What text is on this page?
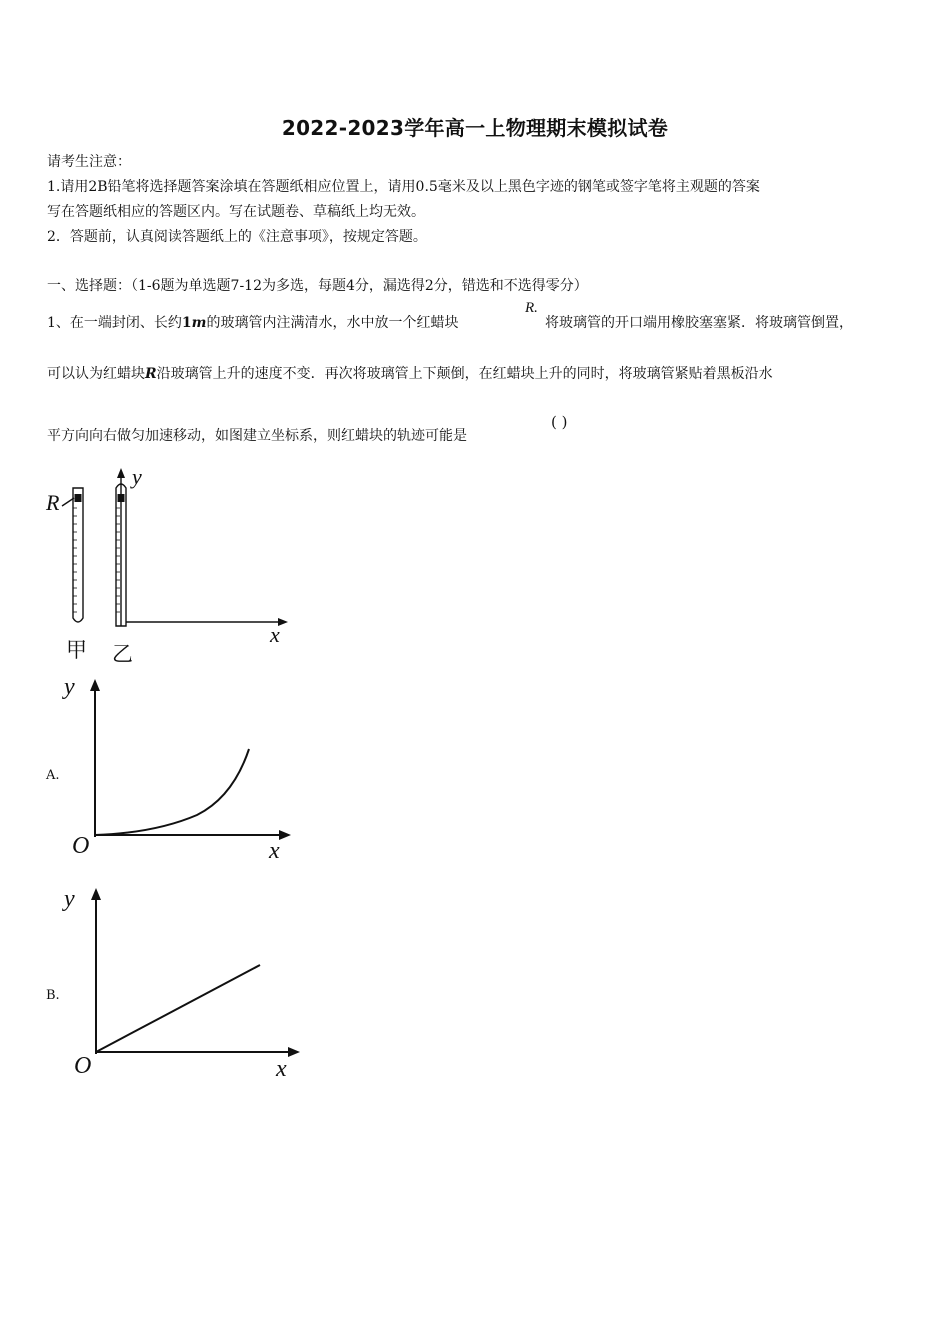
2022-2023学年高一上物理期末模拟试卷
请考生注意：
1.请用2B铅笔将选择题答案涂填在答题纸相应位置上，请用0.5毫米及以上黑色字迹的钢笔或签字笔将主观题的答案
写在答题纸相应的答题区内。写在试题卷、草稿纸上均无效。
2．答题前，认真阅读答题纸上的《注意事项》，按规定答题。
一、选择题：（1-6题为单选题7-12为多选，每题4分，漏选得2分，错选和不选得零分）
1、在一端封闭、长约1m的玻璃管内注满清水，水中放一个红蜡块
R.
将玻璃管的开口端用橡胶塞塞紧．将玻璃管倒置，
可以认为红蜡块R沿玻璃管上升的速度不变．再次将玻璃管上下颠倒，在红蜡块上升的同时，将玻璃管紧贴着黑板沿水
平方向向右做匀加速移动，如图建立坐标系，则红蜡块的轨迹可能是
( )
R
y
x
甲 乙
A.
y
O	x
B.
y
O	x
